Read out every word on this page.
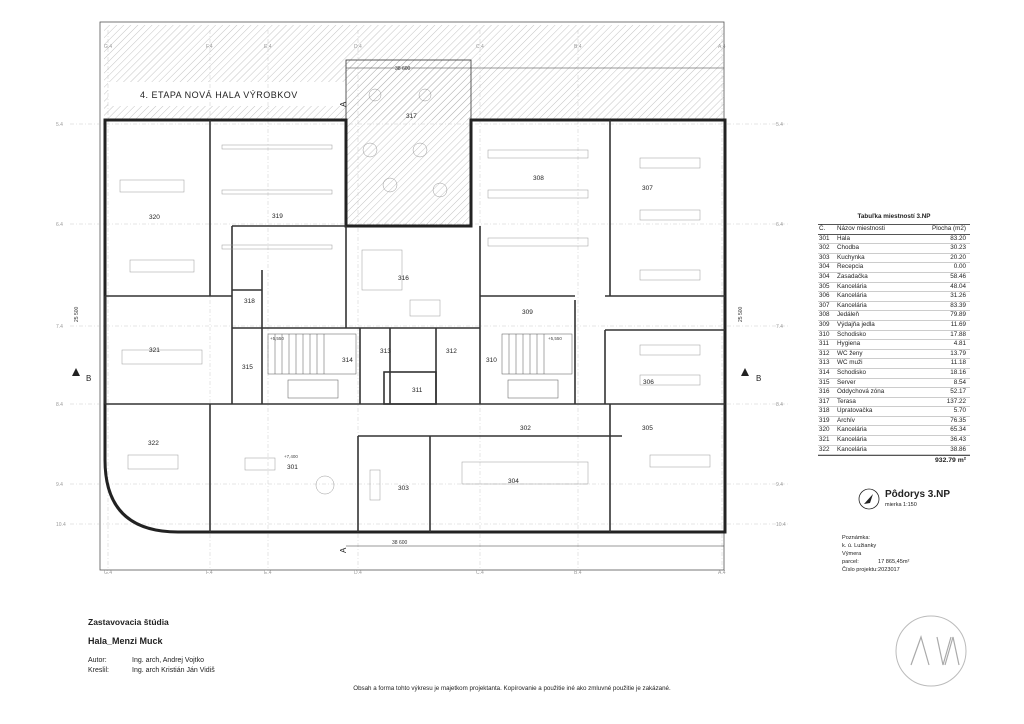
4. ETAPA NOVÁ HALA VÝROBKOV
38 600
G.4	F.4	E.4	D.4	C.4	B.4	A.4
G.4	F.4	E.4	D.4	C.4	B.4	A.4
5.4
6.4
7.4
8.4
9.4
10.4
5.4
6.4
7.4
8.4
9.4
10.4
320	319
317
308
307
316
318
309
321
315
314
313	312
310
311
306
322
301
302
303
304
305
+5,550	+5,550
+7,400
B	B
A
A
38 600
25 500	25 500
Tabuľka miestností 3.NP
Č.	Názov miestnosti	Plocha (m2)
301	Hala	83.20
302	Chodba	30.23
303	Kuchynka	20.20
304	Recepcia	0.00
304	Zasadačka	58.46
305	Kancelária	48.04
306	Kancelária	31.26
307	Kancelária	83.39
308	Jedáleň	79.89
309	Výdajňa jedla	11.69
310	Schodisko	17.88
311	Hygiena	4.81
312	WC ženy	13.79
313	WC muži	11.18
314	Schodisko	18.16
315	Server	8.54
316	Oddychová zóna	52.17
317	Terasa	137.22
318	Upratovačka	5.70
319	Archív	76.35
320	Kancelária	65.34
321	Kancelária	36.43
322	Kancelária	38.86
932.79 m²
Pôdorys 3.NP
mierka 1:150
Poznámka:
k. ú. Lužianky
Výmera parcel:	17 865,45m²
Číslo projektu:2023017
Zastavovacia štúdia
Hala_Menzi Muck
Autor:	Ing. arch, Andrej Vojtko
Kreslil:	Ing. arch Kristián Ján Vidiš
Obsah a forma tohto výkresu je majetkom projektanta. Kopírovanie a použitie iné ako zmluvné použitie je zakázané.
